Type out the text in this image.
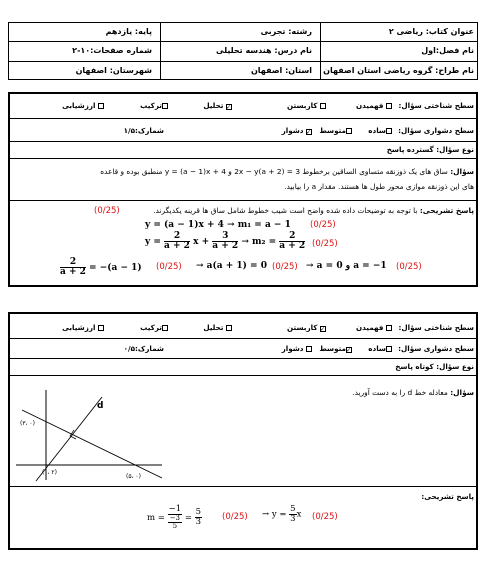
عنوان کتاب: ریاضی ۲
رشته: تجربی
پایه: یازدهم
نام فصل:اول
نام درس: هندسه تحلیلی
شماره صفحات:۱۰-۲
نام طراح: گروه ریاضی استان اصفهان
استان: اصفهان
شهرستان: اصفهان
سطح شناختی سؤال:
فهمیدن
کاربستن
✓ تحلیل
ترکیب
ارزشیابی
سطح دشواری سؤال:
ساده
متوسط
✓ دشوار
شمارک:۱/۵
نوع سؤال: گسترده پاسخ
سؤال: ساق های یک ذوزنقه متساوی الساقین برخطوط 3 = 2x − y(a + 2) و y = (a − 1)x + 4 منطبق بوده و قاعده
های این ذوزنقه موازی محور طول ها هستند. مقدار a را بیابید.
پاسخ تشریحی: با توجه به توضیحات داده شده واضح است شیب خطوط شامل ساق ها قرینه یکدیگرند.
(0/25)
y = (a − 1)x + 4 → m₁ = a − 1 (0/25)
$y = \frac{2}{a + 2}$ $x + \frac{3}{a + 2} \to m_2 = \frac{2}{a + 2} (0/25)$
$\frac{2}{a + 2} = -(a - 1) (0/25) \to a(a + 1) = 0$ (0/25) → a = 0 و a = −1 (0/25)
سطح شناختی سؤال:
فهمیدن
✓ کاربستن
تحلیل
ترکیب
ارزشیابی
سطح دشواری سؤال:
ساده
✓متوسط
دشوار
شمارک:۰/۵
نوع سؤال: کوتاه پاسخ
سؤال: معادله خط d را به دست آورید.
d
(۳، ۰)
(۰، ۲)
(۵، ۰)
پاسخ تشریحی:
m = −1
−3
$5 = \frac{5}{3} (0/25) \to y = \frac{5}{3}$ x (0/25)
